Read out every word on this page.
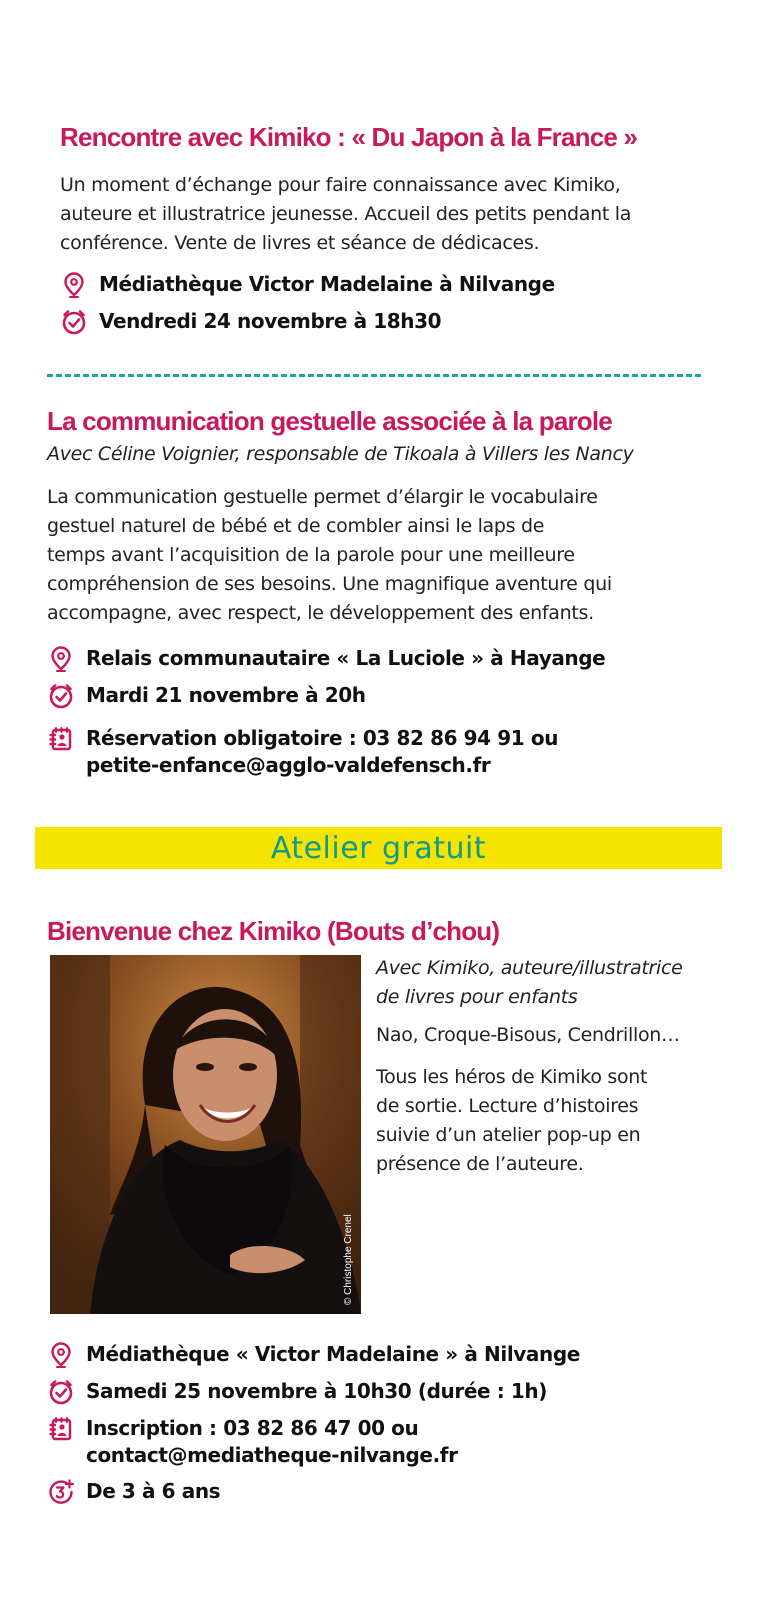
Rencontre avec Kimiko : « Du Japon à la France »
Un moment d’échange pour faire connaissance avec Kimiko,
auteure et illustratrice jeunesse. Accueil des petits pendant la
conférence. Vente de livres et séance de dédicaces.
Médiathèque Victor Madelaine à Nilvange
Vendredi 24 novembre à 18h30
La communication gestuelle associée à la parole
Avec Céline Voignier, responsable de Tikoala à Villers les Nancy
La communication gestuelle permet d’élargir le vocabulaire
gestuel naturel de bébé et de combler ainsi le laps de
temps avant l’acquisition de la parole pour une meilleure
compréhension de ses besoins. Une magnifique aventure qui
accompagne, avec respect, le développement des enfants.
Relais communautaire « La Luciole » à Hayange
Mardi 21 novembre à 20h
Réservation obligatoire : 03 82 86 94 91 ou
petite-enfance@agglo-valdefensch.fr
Atelier gratuit
Bienvenue chez Kimiko (Bouts d’chou)
© Christophe Crenel
Avec Kimiko, auteure/illustratrice
de livres pour enfants
Nao, Croque-Bisous, Cendrillon…
Tous les héros de Kimiko sont
de sortie. Lecture d’histoires
suivie d’un atelier pop-up en
présence de l’auteure.
Médiathèque « Victor Madelaine » à Nilvange
Samedi 25 novembre à 10h30 (durée : 1h)
Inscription : 03 82 86 47 00 ou
contact@mediatheque-nilvange.fr
De 3 à 6 ans
